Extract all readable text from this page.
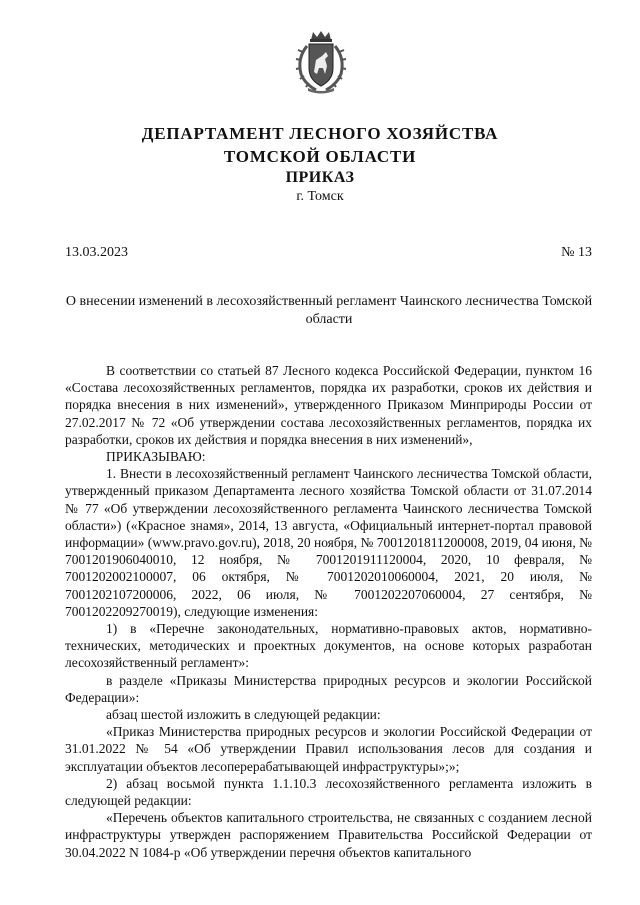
ДЕПАРТАМЕНТ ЛЕСНОГО ХОЗЯЙСТВА
ТОМСКОЙ ОБЛАСТИ
ПРИКАЗ
г. Томск
13.03.2023	№ 13
О внесении изменений в лесохозяйственный регламент Чаинского лесничества Томской области

В соответствии со статьей 87 Лесного кодекса Российской Федерации, пунктом 16 «Состава лесохозяйственных регламентов, порядка их разработки, сроков их действия и порядка внесения в них изменений», утвержденного Приказом Минприроды России от 27.02.2017 № 72 «Об утверждении состава лесохозяйственных регламентов, порядка их разработки, сроков их действия и порядка внесения в них изменений»,

ПРИКАЗЫВАЮ:

1. Внести в лесохозяйственный регламент Чаинского лесничества Томской области, утвержденный приказом Департамента лесного хозяйства Томской области от 31.07.2014 № 77 «Об утверждении лесохозяйственного регламента Чаинского лесничества Томской области») («Красное знамя», 2014, 13 августа, «Официальный интернет-портал правовой информации» (www.pravo.gov.ru), 2018, 20 ноября, № 7001201811200008, 2019, 04 июня, № 7001201906040010, 12 ноября, № 7001201911120004, 2020, 10 февраля, № 7001202002100007, 06 октября, № 7001202010060004, 2021, 20 июля, № 7001202107200006, 2022, 06 июля, № 7001202207060004, 27 сентября, № 7001202209270019), следующие изменения:

1) в «Перечне законодательных, нормативно-правовых актов, нормативно-технических, методических и проектных документов, на основе которых разработан лесохозяйственный регламент»:

в разделе «Приказы Министерства природных ресурсов и экологии Российской Федерации»:

абзац шестой изложить в следующей редакции:

«Приказ Министерства природных ресурсов и экологии Российской Федерации от 31.01.2022 № 54 «Об утверждении Правил использования лесов для создания и эксплуатации объектов лесоперерабатывающей инфраструктуры»;»;

2) абзац восьмой пункта 1.1.10.3 лесохозяйственного регламента изложить в следующей редакции:

«Перечень объектов капитального строительства, не связанных с созданием лесной инфраструктуры утвержден распоряжением Правительства Российской Федерации от 30.04.2022 N 1084-р «Об утверждении перечня объектов капитального
